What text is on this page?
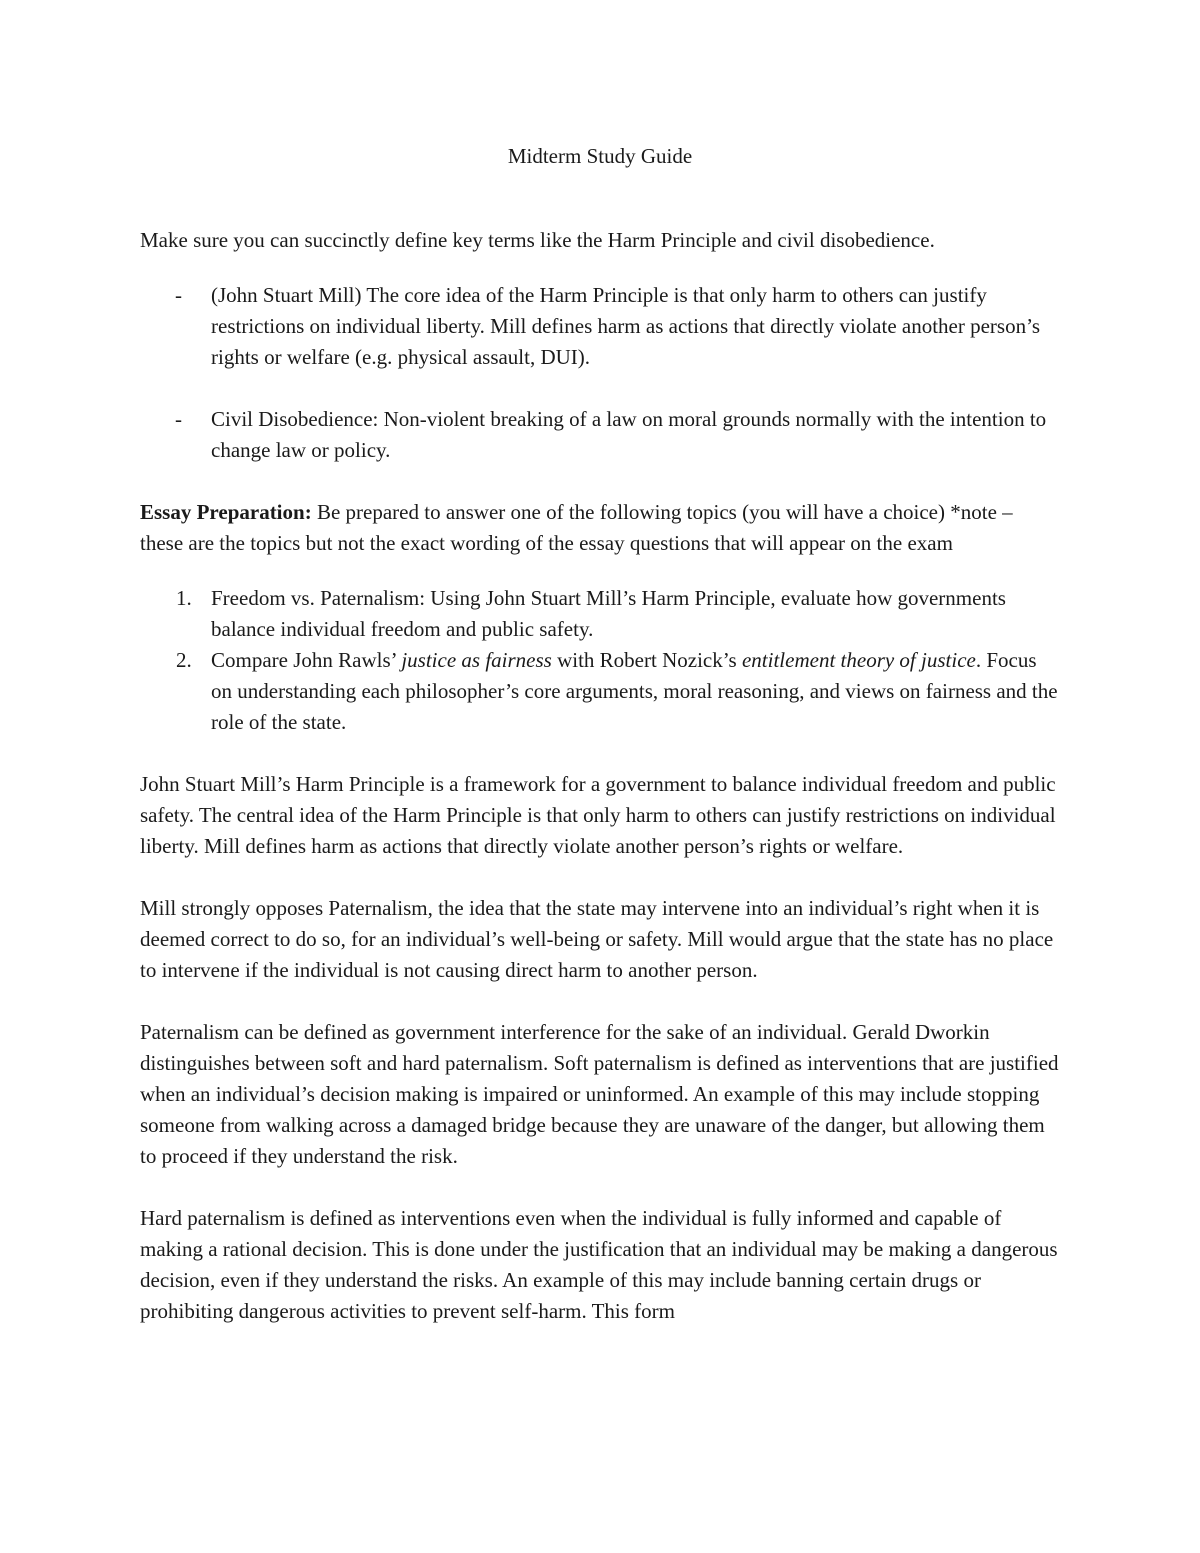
Midterm Study Guide

Make sure you can succinctly define key terms like the Harm Principle and civil disobedience.

- (John Stuart Mill) The core idea of the Harm Principle is that only harm to others can justify restrictions on individual liberty. Mill defines harm as actions that directly violate another person’s rights or welfare (e.g. physical assault, DUI).
- Civil Disobedience: Non-violent breaking of a law on moral grounds normally with the intention to change law or policy.

Essay Preparation: Be prepared to answer one of the following topics (you will have a choice) *note – these are the topics but not the exact wording of the essay questions that will appear on the exam

1. Freedom vs. Paternalism: Using John Stuart Mill’s Harm Principle, evaluate how governments balance individual freedom and public safety.
2. Compare John Rawls’ justice as fairness with Robert Nozick’s entitlement theory of justice. Focus on understanding each philosopher’s core arguments, moral reasoning, and views on fairness and the role of the state.

John Stuart Mill’s Harm Principle is a framework for a government to balance individual freedom and public safety. The central idea of the Harm Principle is that only harm to others can justify restrictions on individual liberty. Mill defines harm as actions that directly violate another person’s rights or welfare.

Mill strongly opposes Paternalism, the idea that the state may intervene into an individual’s right when it is deemed correct to do so, for an individual’s well-being or safety. Mill would argue that the state has no place to intervene if the individual is not causing direct harm to another person.

Paternalism can be defined as government interference for the sake of an individual. Gerald Dworkin distinguishes between soft and hard paternalism. Soft paternalism is defined as interventions that are justified when an individual’s decision making is impaired or uninformed. An example of this may include stopping someone from walking across a damaged bridge because they are unaware of the danger, but allowing them to proceed if they understand the risk.

Hard paternalism is defined as interventions even when the individual is fully informed and capable of making a rational decision. This is done under the justification that an individual may be making a dangerous decision, even if they understand the risks. An example of this may include banning certain drugs or prohibiting dangerous activities to prevent self-harm. This form
